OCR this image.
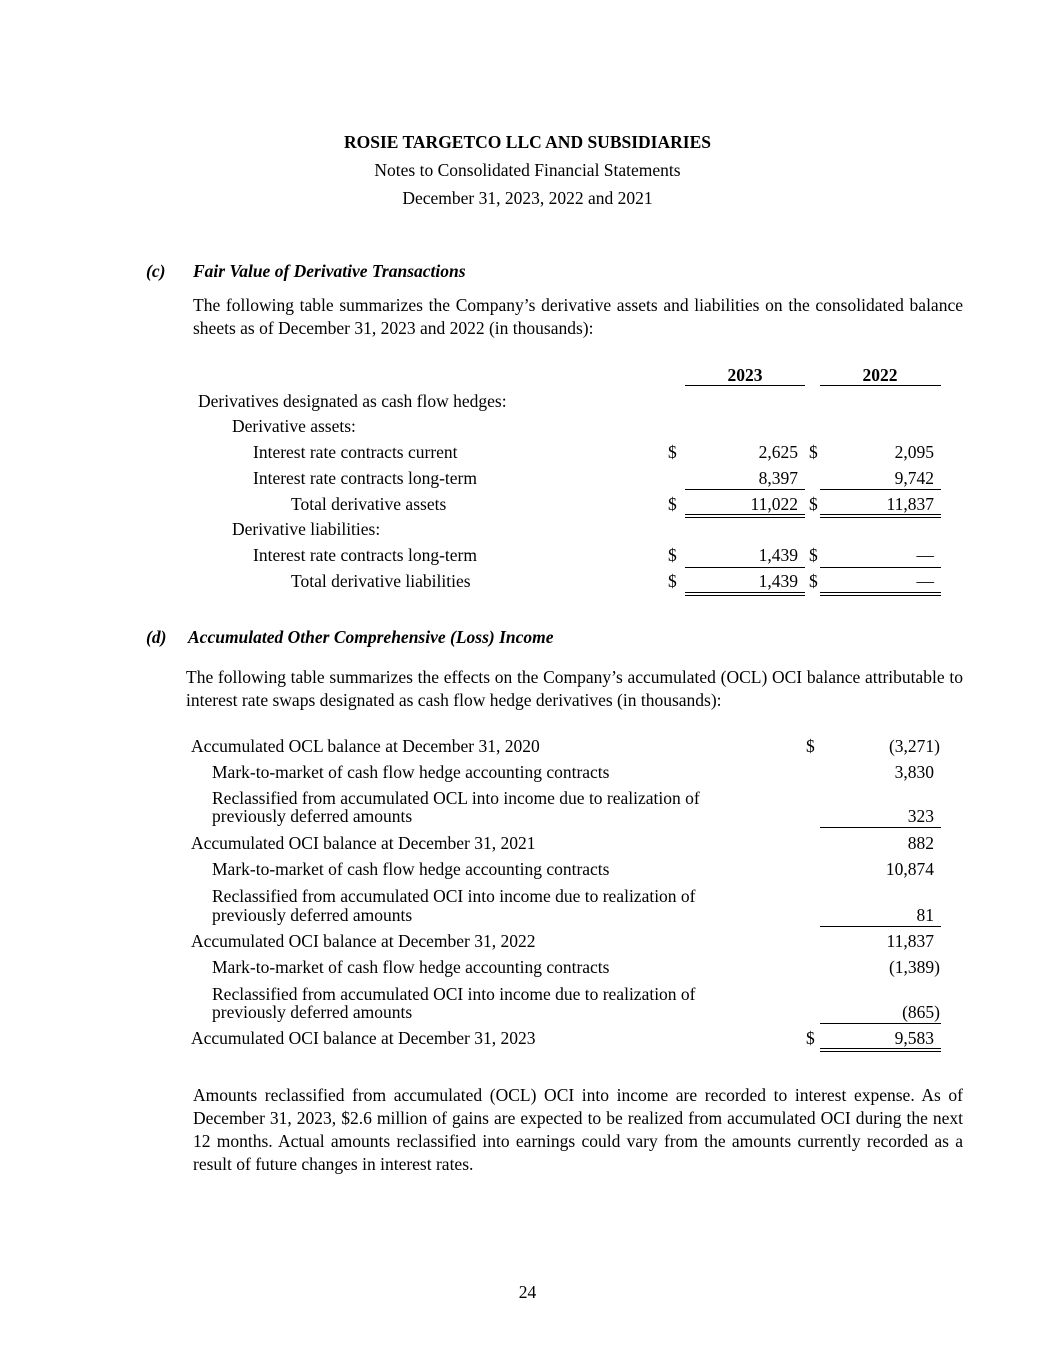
ROSIE TARGETCO LLC AND SUBSIDIARIES
Notes to Consolidated Financial Statements
December 31, 2023, 2022 and 2021
(c) Fair Value of Derivative Transactions
The following table summarizes the Company’s derivative assets and liabilities on the consolidated balance sheets as of December 31, 2023 and 2022 (in thousands):
2023	2022
Derivatives designated as cash flow hedges:
Derivative assets:
Interest rate contracts current	$	2,625 $	2,095
Interest rate contracts long-term	8,397	9,742
Total derivative assets	$	11,022 $	11,837
Derivative liabilities:
Interest rate contracts long-term	$	1,439 $	—
Total derivative liabilities	$	1,439 $	—
(d) Accumulated Other Comprehensive (Loss) Income
The following table summarizes the effects on the Company’s accumulated (OCL) OCI balance attributable to interest rate swaps designated as cash flow hedge derivatives (in thousands):
Accumulated OCL balance at December 31, 2020	$	(3,271)
Mark-to-market of cash flow hedge accounting contracts	3,830
Reclassified from accumulated OCL into income due to realization of
previously deferred amounts	323
Accumulated OCI balance at December 31, 2021	882
Mark-to-market of cash flow hedge accounting contracts	10,874
Reclassified from accumulated OCI into income due to realization of
previously deferred amounts	81
Accumulated OCI balance at December 31, 2022	11,837
Mark-to-market of cash flow hedge accounting contracts	(1,389)
Reclassified from accumulated OCI into income due to realization of
previously deferred amounts	(865)
Accumulated OCI balance at December 31, 2023	$	9,583
Amounts reclassified from accumulated (OCL) OCI into income are recorded to interest expense. As of December 31, 2023, $2.6 million of gains are expected to be realized from accumulated OCI during the next 12 months. Actual amounts reclassified into earnings could vary from the amounts currently recorded as a result of future changes in interest rates.
24
